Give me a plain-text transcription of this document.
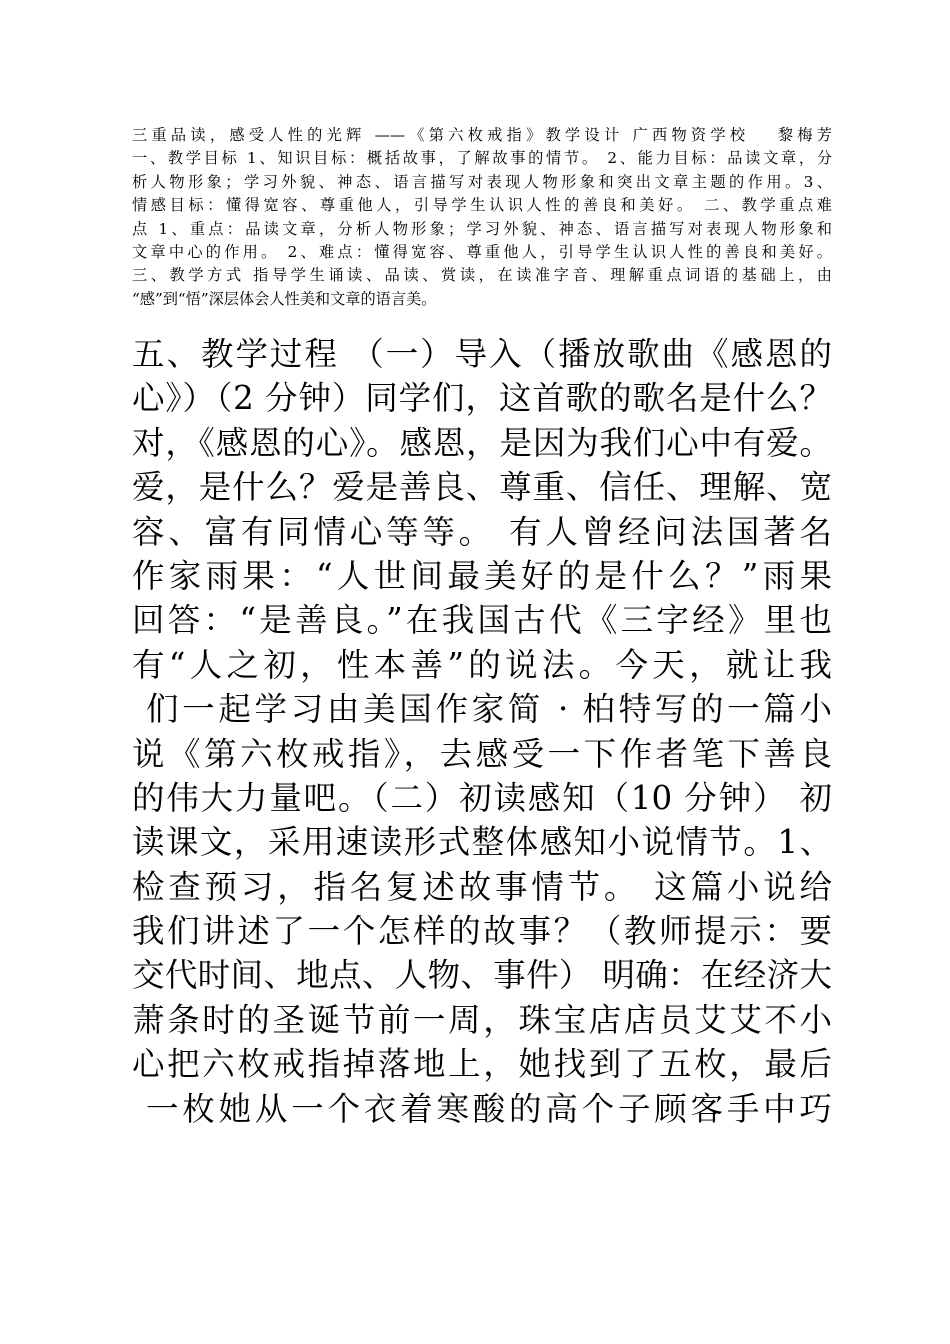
三重品读，感受人性的光辉 ——《第六枚戒指》教学设计 广西物资学校　 黎梅芳
一、教学目标 1、知识目标：概括故事，了解故事的情节。 2、能力目标：品读文章，分
析人物形象；学习外貌、神态、语言描写对表现人物形象和突出文章主题的作用。3、
情感目标：懂得宽容、尊重他人，引导学生认识人性的善良和美好。 二、教学重点难
点 1、重点：品读文章，分析人物形象；学习外貌、神态、语言描写对表现人物形象和
文章中心的作用。 2、难点：懂得宽容、尊重他人，引导学生认识人性的善良和美好。
三、教学方式 指导学生诵读、品读、赏读，在读准字音、理解重点词语的基础上，由
“感”到“悟”深层体会人性美和文章的语言美。
五、教学过程 （一）导入（播放歌曲《感恩的
心》）（2 分钟）同学们，这首歌的歌名是什么？
对，《感恩的心》。感恩，是因为我们心中有爱。
爱，是什么？爱是善良、尊重、信任、理解、宽
容、富有同情心等等。 有人曾经问法国著名
作家雨果：“人世间最美好的是什么？”雨果
回答：“是善良。”在我国古代《三字经》里也
有“人之初，性本善”的说法。今天，就让我
们一起学习由美国作家简 · 柏特写的一篇小
说《第六枚戒指》，去感受一下作者笔下善良
的伟大力量吧。（二）初读感知（10 分钟） 初
读课文，采用速读形式整体感知小说情节。1、
检查预习，指名复述故事情节。 这篇小说给
我们讲述了一个怎样的故事？（教师提示：要
交代时间、地点、人物、事件） 明确：在经济大
萧条时的圣诞节前一周，珠宝店店员艾艾不小
心把六枚戒指掉落地上，她找到了五枚，最后
一枚她从一个衣着寒酸的高个子顾客手中巧
